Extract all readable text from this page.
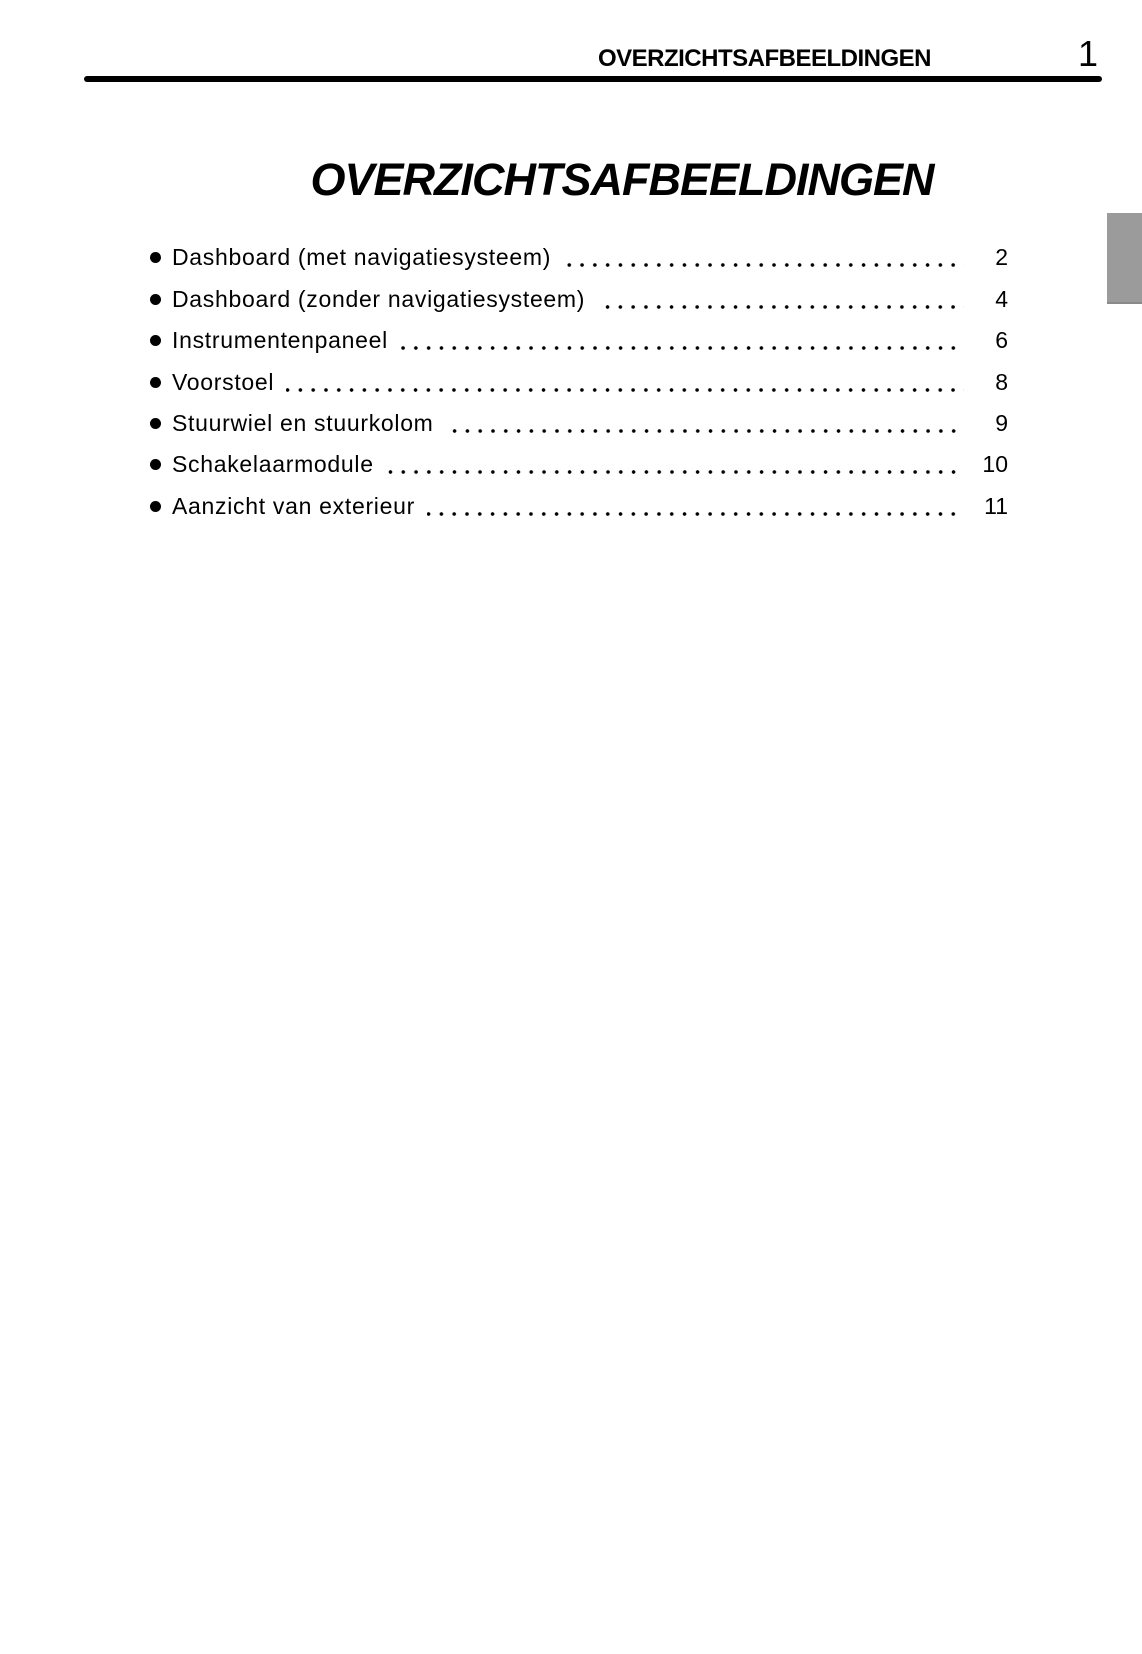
OVERZICHTSAFBEELDINGEN	1
OVERZICHTSAFBEELDINGEN
Dashboard (met navigatiesysteem)	2
Dashboard (zonder navigatiesysteem)	4
Instrumentenpaneel	6
Voorstoel	8
Stuurwiel en stuurkolom	9
Schakelaarmodule	10
Aanzicht van exterieur	11
